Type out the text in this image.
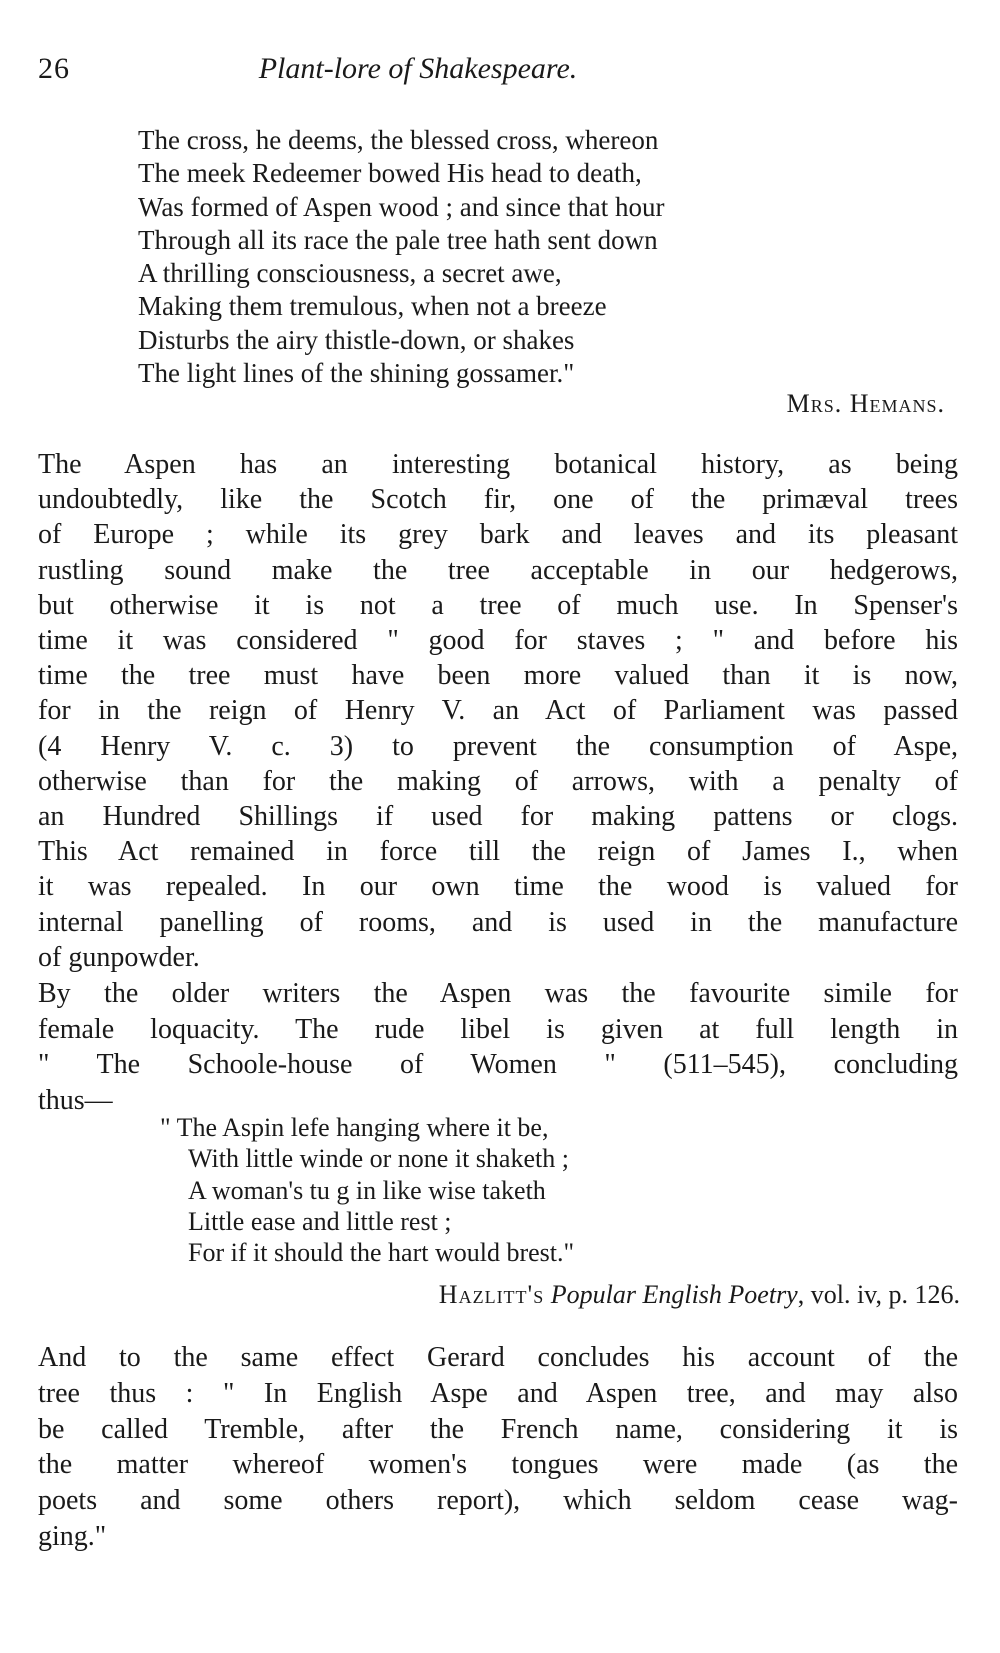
26	Plant-lore of Shakespeare.
The cross, he deems, the blessed cross, whereon
The meek Redeemer bowed His head to death,
Was formed of Aspen wood ; and since that hour
Through all its race the pale tree hath sent down
A thrilling consciousness, a secret awe,
Making them tremulous, when not a breeze
Disturbs the airy thistle-down, or shakes
The light lines of the shining gossamer."
Mrs. Hemans.
The Aspen has an interesting botanical history, as being
undoubtedly, like the Scotch fir, one of the primæval trees
of Europe ; while its grey bark and leaves and its pleasant
rustling sound make the tree acceptable in our hedgerows,
but otherwise it is not a tree of much use. In Spenser's
time it was considered " good for staves ; " and before his
time the tree must have been more valued than it is now,
for in the reign of Henry V. an Act of Parliament was passed
(4 Henry V. c. 3) to prevent the consumption of Aspe,
otherwise than for the making of arrows, with a penalty of
an Hundred Shillings if used for making pattens or clogs.
This Act remained in force till the reign of James I., when
it was repealed. In our own time the wood is valued for
internal panelling of rooms, and is used in the manufacture
of gunpowder.
By the older writers the Aspen was the favourite simile for
female loquacity. The rude libel is given at full length in
" The Schoole-house of Women " (511–545), concluding
thus—
" The Aspin lefe hanging where it be,
With little winde or none it shaketh ;
A woman's tu g in like wise taketh
Little ease and little rest ;
For if it should the hart would brest."
Hazlitt's Popular English Poetry, vol. iv, p. 126.
And to the same effect Gerard concludes his account of the
tree thus : " In English Aspe and Aspen tree, and may also
be called Tremble, after the French name, considering it is
the matter whereof women's tongues were made (as the
poets and some others report), which seldom cease wag-
ging."
